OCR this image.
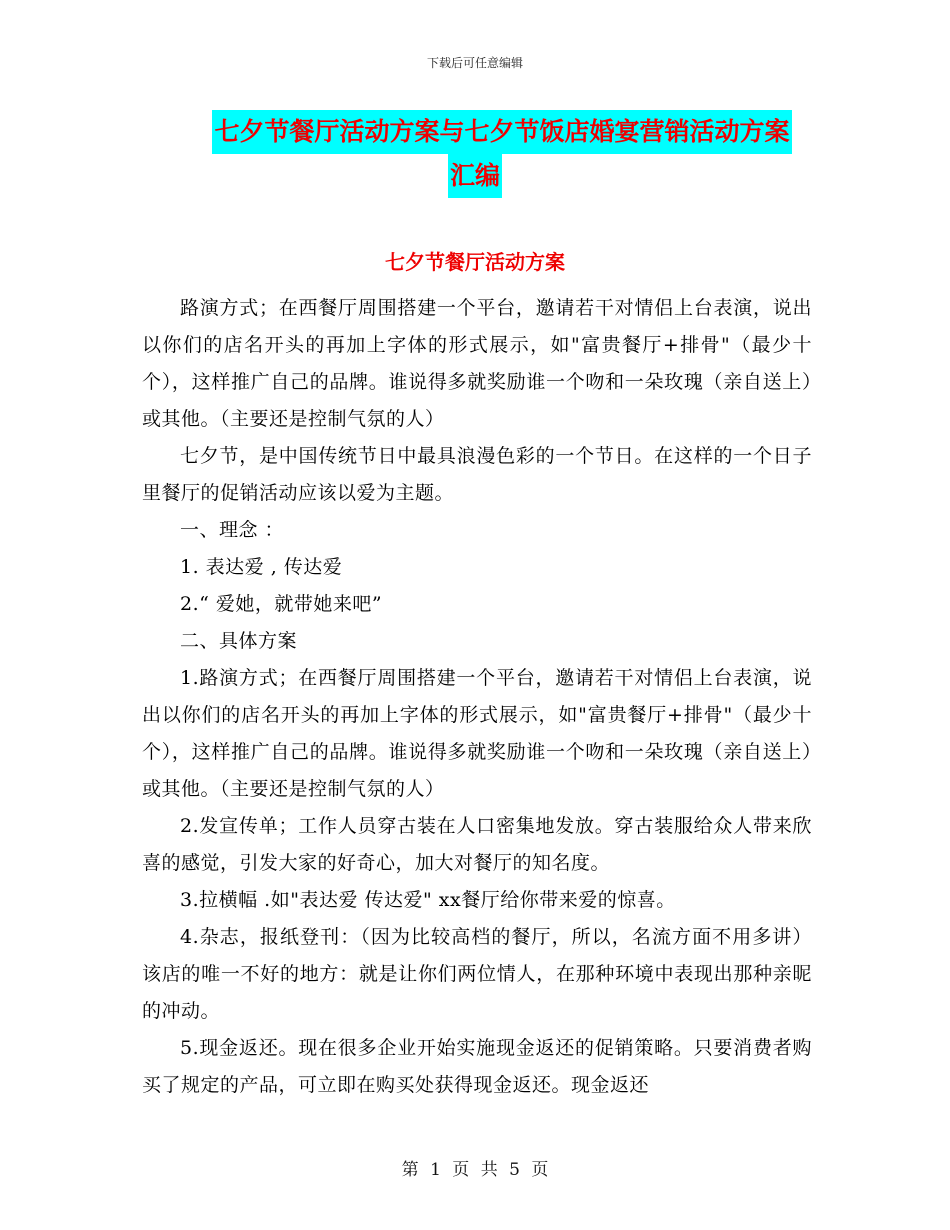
下载后可任意编辑
七夕节餐厅活动方案与七夕节饭店婚宴营销活动方案
汇编
七夕节餐厅活动方案

路演方式；在西餐厅周围搭建一个平台，邀请若干对情侣上台表演，说出以你们的店名开头的再加上字体的形式展示，如"富贵餐厅+排骨"（最少十个），这样推广自己的品牌。谁说得多就奖励谁一个吻和一朵玫瑰（亲自送上）或其他。（主要还是控制气氛的人）

七夕节，是中国传统节日中最具浪漫色彩的一个节日。在这样的一个日子里餐厅的促销活动应该以爱为主题。

一、理念 ：

1. 表达爱 , 传达爱

2.“ 爱她，就带她来吧”

二、具体方案

1.路演方式；在西餐厅周围搭建一个平台，邀请若干对情侣上台表演，说出以你们的店名开头的再加上字体的形式展示，如"富贵餐厅+排骨"（最少十个），这样推广自己的品牌。谁说得多就奖励谁一个吻和一朵玫瑰（亲自送上）或其他。（主要还是控制气氛的人）

2.发宣传单；工作人员穿古装在人口密集地发放。穿古装服给众人带来欣喜的感觉，引发大家的好奇心，加大对餐厅的知名度。

3.拉横幅 .如"表达爱 传达爱" xx餐厅给你带来爱的惊喜。

4.杂志，报纸登刊：（因为比较高档的餐厅，所以，名流方面不用多讲）该店的唯一不好的地方：就是让你们两位情人，在那种环境中表现出那种亲昵的冲动。

5.现金返还。现在很多企业开始实施现金返还的促销策略。只要消费者购买了规定的产品，可立即在购买处获得现金返还。现金返还

第 1 页 共 5 页
